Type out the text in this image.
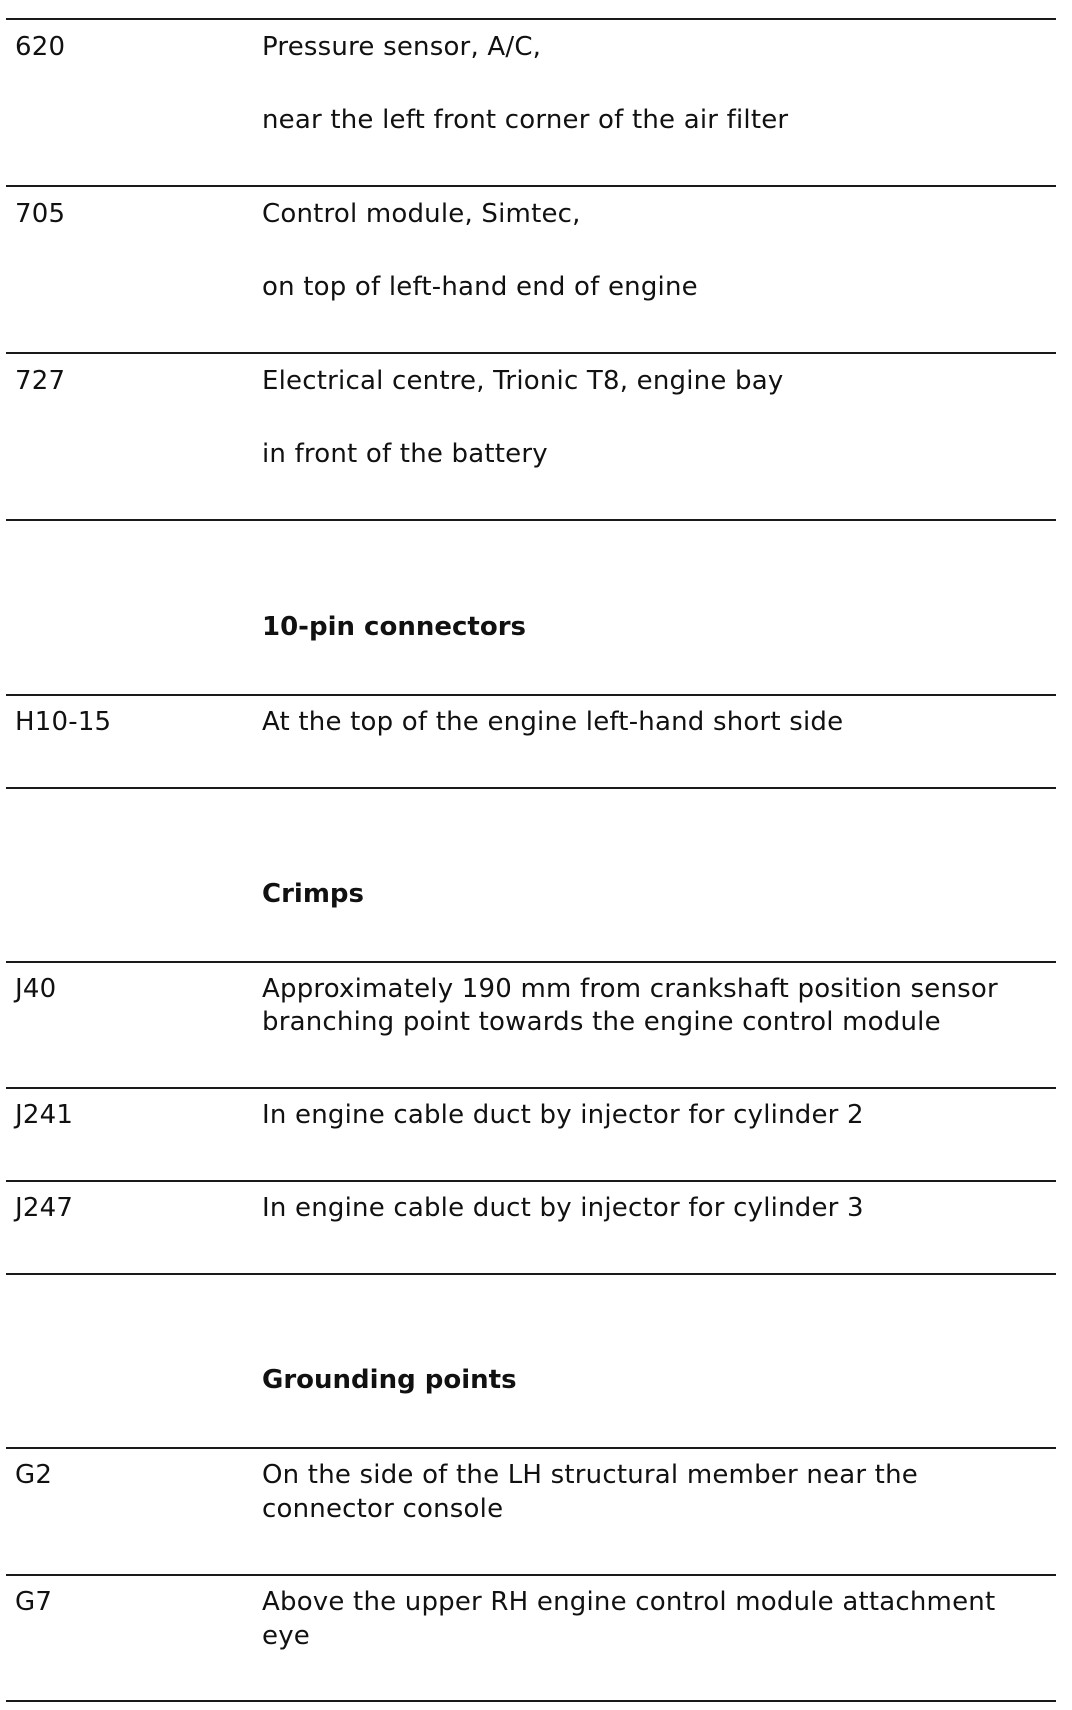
620	Pressure sensor, A/C,
near the left front corner of the air filter
705	Control module, Simtec,
on top of left-hand end of engine
727	Electrical centre, Trionic T8, engine bay
in front of the battery
10-pin connectors
H10-15	At the top of the engine left-hand short side
Crimps
J40	Approximately 190 mm from crankshaft position sensor
branching point towards the engine control module
J241	In engine cable duct by injector for cylinder 2
J247	In engine cable duct by injector for cylinder 3
Grounding points
G2	On the side of the LH structural member near the
connector console
G7	Above the upper RH engine control module attachment
eye
